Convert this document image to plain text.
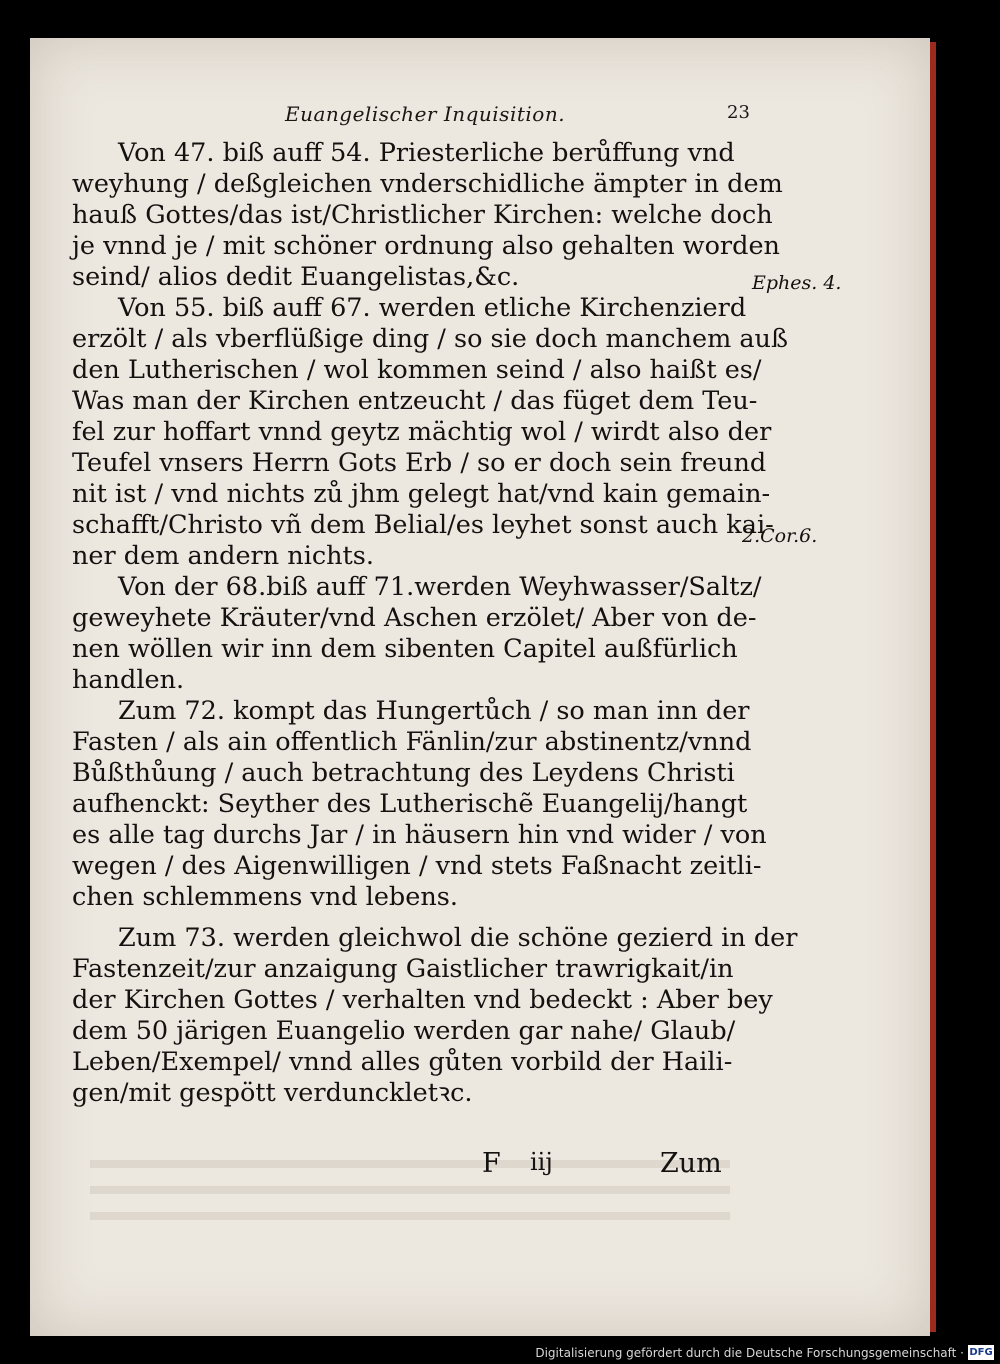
Euangelischer Inquisition.	23
Von 47. biß auff 54. Priesterliche berůffung vnd
weyhung / deßgleichen vnderschidliche ämpter in dem
hauß Gottes/das ist/Christlicher Kirchen: welche doch
je vnnd je / mit schöner ordnung also gehalten worden
seind/ alios dedit Euangelistas,&c.
Von 55. biß auff 67. werden etliche Kirchenzierd
erzölt / als vberflüßige ding / so sie doch manchem auß
den Lutherischen / wol kommen seind / also haißt es/
Was man der Kirchen entzeucht / das füget dem Teu-
fel zur hoffart vnnd geytz mächtig wol / wirdt also der
Teufel vnsers Herrn Gots Erb / so er doch sein freund
nit ist / vnd nichts zů jhm gelegt hat/vnd kain gemain-
schafft/Christo vñ dem Belial/es leyhet sonst auch kai-
ner dem andern nichts.
Von der 68.biß auff 71.werden Weyhwasser/Saltz/
geweyhete Kräuter/vnd Aschen erzölet/ Aber von de-
nen wöllen wir inn dem sibenten Capitel außfürlich
handlen.
Zum 72. kompt das Hungertůch / so man inn der
Fasten / als ain offentlich Fänlin/zur abstinentz/vnnd
Bůßthůung / auch betrachtung des Leydens Christi
aufhenckt: Seyther des Lutherischẽ Euangelij/hangt
es alle tag durchs Jar / in häusern hin vnd wider / von
wegen / des Aigenwilligen / vnd stets Faßnacht zeitli-
chen schlemmens vnd lebens.
Zum 73. werden gleichwol die schöne gezierd in der
Fastenzeit/zur anzaigung Gaistlicher trawrigkait/in
der Kirchen Gottes / verhalten vnd bedeckt : Aber bey
dem 50 järigen Euangelio werden gar nahe/ Glaub/
Leben/Exempel/ vnnd alles gůten vorbild der Haili-
gen/mit gespött verdunckletꝛc.
Ephes. 4.
2.Cor.6.
F iij	Zum
Digitalisierung gefördert durch die Deutsche Forschungsgemeinschaft · DFG
